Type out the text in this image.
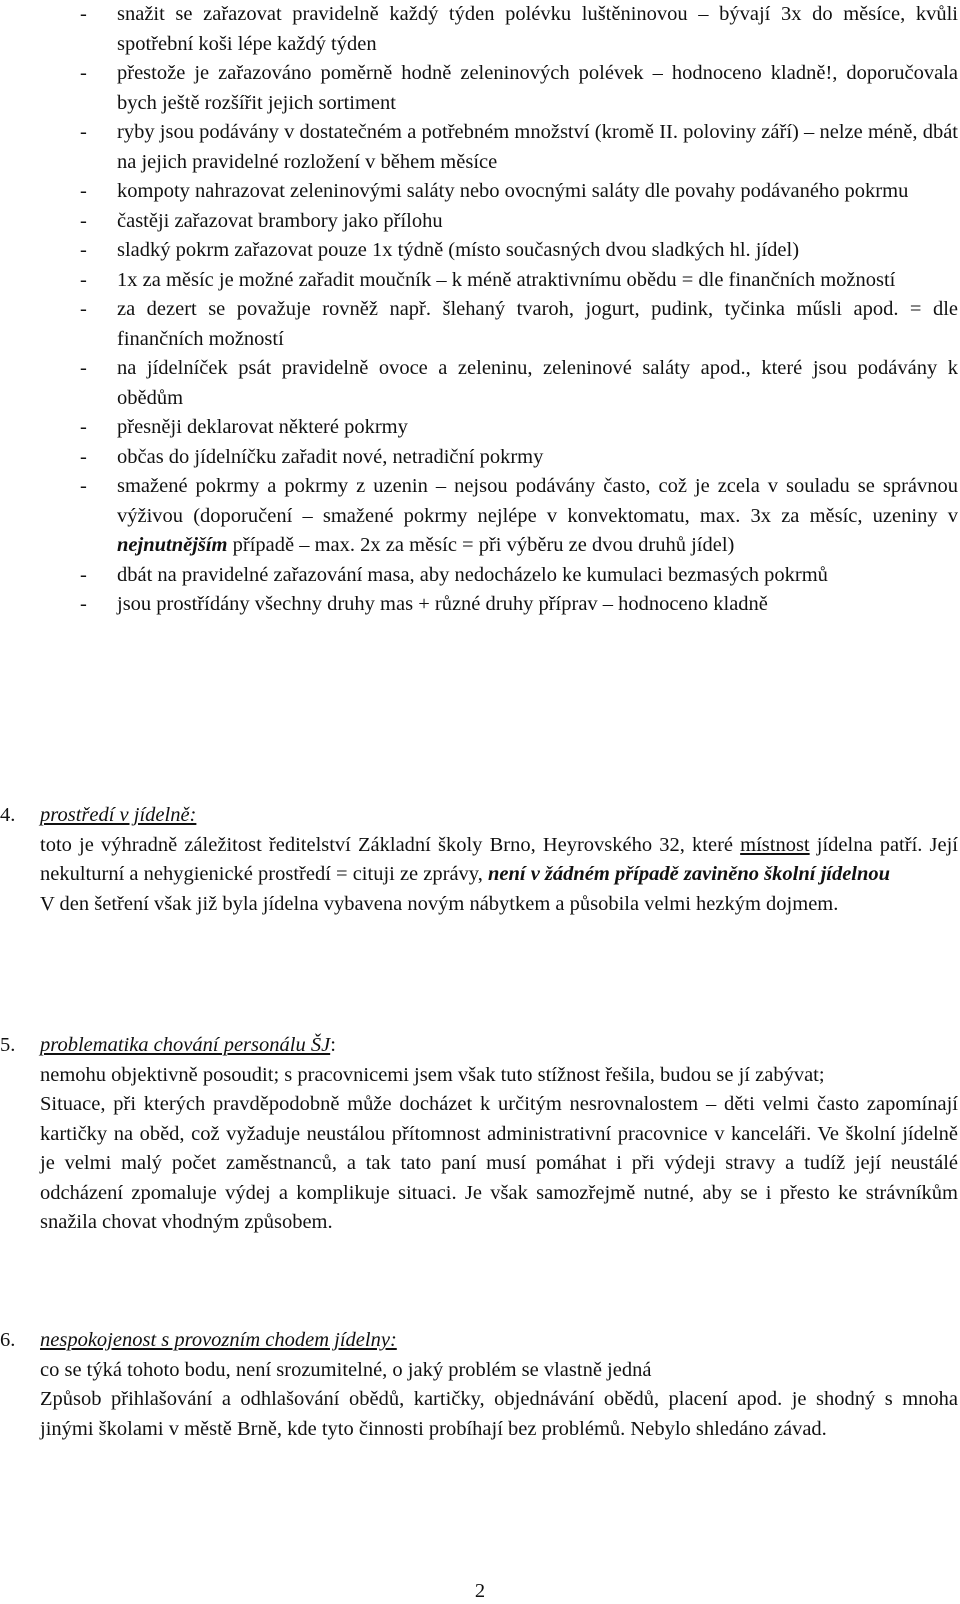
-	snažit se zařazovat pravidelně každý týden polévku luštěninovou – bývají 3x do měsíce, kvůli spotřební koši lépe každý týden
-	přestože je zařazováno poměrně hodně zeleninových polévek – hodnoceno kladně!, doporučovala bych ještě rozšířit jejich sortiment
-	ryby jsou podávány v dostatečném a potřebném množství (kromě II. poloviny září) – nelze méně, dbát na jejich pravidelné rozložení v během měsíce
-	kompoty nahrazovat zeleninovými saláty nebo ovocnými saláty dle povahy podávaného pokrmu
-	častěji zařazovat brambory jako přílohu
-	sladký pokrm zařazovat pouze 1x týdně (místo současných dvou sladkých hl. jídel)
-	1x za měsíc je možné zařadit moučník – k méně atraktivnímu obědu = dle finančních možností
-	za dezert se považuje rovněž např. šlehaný tvaroh, jogurt, pudink, tyčinka műsli apod. = dle finančních možností
-	na jídelníček psát pravidelně ovoce a zeleninu, zeleninové saláty apod., které jsou podávány k obědům
-	přesněji deklarovat některé pokrmy
-	občas do jídelníčku zařadit nové, netradiční pokrmy
-	smažené pokrmy a pokrmy z uzenin – nejsou podávány často, což je zcela v souladu se správnou výživou (doporučení – smažené pokrmy nejlépe v konvektomatu, max. 3x za měsíc, uzeniny v nejnutnějším případě – max. 2x za měsíc = při výběru ze dvou druhů jídel)
-	dbát na pravidelné zařazování masa, aby nedocházelo ke kumulaci bezmasých pokrmů
-	jsou prostřídány všechny druhy mas + různé druhy příprav – hodnoceno kladně
4.	prostředí v jídelně:
toto je výhradně záležitost ředitelství Základní školy Brno, Heyrovského 32, které místnost jídelna patří. Její nekulturní a nehygienické prostředí = cituji ze zprávy, není v žádném případě zaviněno školní jídelnou
V den šetření však již byla jídelna vybavena novým nábytkem a působila velmi hezkým dojmem.
5.	problematika chování personálu ŠJ:
nemohu objektivně posoudit; s pracovnicemi jsem však tuto stížnost řešila, budou se jí zabývat;
Situace, při kterých pravděpodobně může docházet k určitým nesrovnalostem – děti velmi často zapomínají kartičky na oběd, což vyžaduje neustálou přítomnost administrativní pracovnice v kanceláři. Ve školní jídelně je velmi malý počet zaměstnanců, a tak tato paní musí pomáhat i při výdeji stravy a tudíž její neustálé odcházení zpomaluje výdej a komplikuje situaci. Je však samozřejmě nutné, aby se i přesto ke strávníkům snažila chovat vhodným způsobem.
6.	nespokojenost s provozním chodem jídelny:
co se týká tohoto bodu, není srozumitelné, o jaký problém se vlastně jedná
Způsob přihlašování a odhlašování obědů, kartičky, objednávání obědů, placení apod. je shodný s mnoha jinými školami v městě Brně, kde tyto činnosti probíhají bez problémů. Nebylo shledáno závad.
2
